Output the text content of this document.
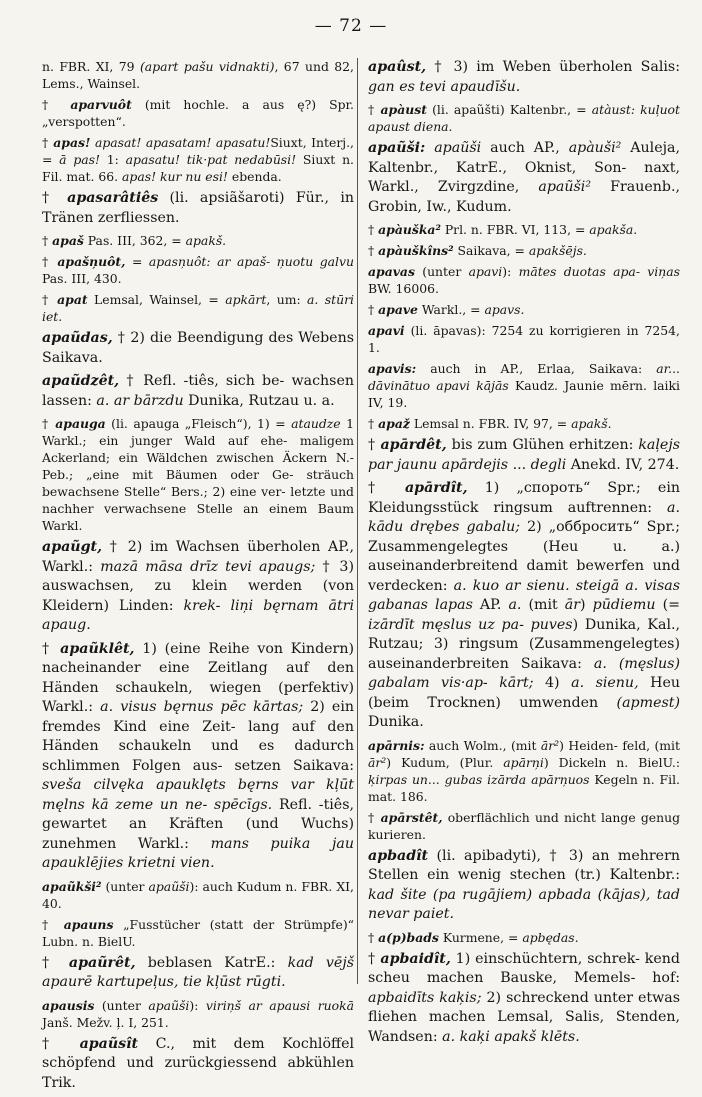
— 72 —
n. FBR. XI, 79 (apart pašu vidnakti), 67 und 82, Lems., Wainsel.
† aparvuôt (mit hochle. a aus ę?) Spr. „verspotten“.
† apas! apasat! apasatam! apasatu!Siuxt, Interj., = ā pas! 1: apasatu! tik·pat nedabūsi! Siuxt n. Fil. mat. 66. apas! kur nu esi! ebenda.
† apasarâtiês (li. apsiãšaroti) Für., in Tränen zerfliessen.
† apaš Pas. III, 362, = apakš.
† apašņuôt, = apasņuôt: ar apaš- ņuotu galvu Pas. III, 430.
† apat Lemsal, Wainsel, = apkārt, um: a. stūri iet.
apaũdas, † 2) die Beendigung des Webens Saikava.
apaũdzêt, † Refl. -tiês, sich be- wachsen lassen: a. ar bārzdu Dunika, Rutzau u. a.
† apauga (li. apauga „Fleisch“), 1) = ataudze 1 Warkl.; ein junger Wald auf ehe- maligem Ackerland; ein Wäldchen zwischen Äckern N.-Peb.; „eine mit Bäumen oder Ge- sträuch bewachsene Stelle“ Bers.; 2) eine ver- letzte und nachher verwachsene Stelle an einem Baum Warkl.
apaũgt, † 2) im Wachsen überholen AP., Warkl.: mazā māsa drīz tevi apaugs; † 3) auswachsen, zu klein werden (von Kleidern) Linden: krek- liņi bęrnam ātri apaug.
† apaũklêt, 1) (eine Reihe von Kindern) nacheinander eine Zeitlang auf den Händen schaukeln, wiegen (perfektiv) Warkl.: a. visus bęrnus pēc kārtas; 2) ein fremdes Kind eine Zeit- lang auf den Händen schaukeln und es dadurch schlimmen Folgen aus- setzen Saikava: sveša cilvęka apauklęts bęrns var kļūt męlns kā zeme un ne- spēcīgs. Refl. -tiês, gewartet an Kräften (und Wuchs) zunehmen Warkl.: mans puika jau apauklējies krietni vien.
apaũkši² (unter apaũši): auch Kudum n. FBR. XI, 40.
† apauns „Fusstücher (statt der Strümpfe)“ Lubn. n. BielU.
† apaũrêt, beblasen KatrE.: kad vējš apaurē kartupeļus, tie kļūst rūgti.
apausis (unter apaũši): viriņš ar apausi ruokā Janš. Mežv. ļ. I, 251.
† apaũsît C., mit dem Kochlöffel schöpfend und zurückgiessend abkühlen Trik.
apaûst, † 3) im Weben überholen Salis: gan es tevi apaudīšu.
† apàust (li. apaũšti) Kaltenbr., = atàust: kuļuot apaust diena.
apaũši: apaũši auch AP., apàuši² Auleja, Kaltenbr., KatrE., Oknist, Son- naxt, Warkl., Zvirgzdine, apaũši² Frauenb., Grobin, Iw., Kudum.
† apàuška² Prl. n. FBR. VI, 113, = apakša.
† apàuškîns² Saikava, = apakšējs.
apavas (unter apavi): mātes duotas apa- viņas BW. 16006.
† apave Warkl., = apavs.
apavi (li. āpavas): 7254 zu korrigieren in 7254, 1.
apavis: auch in AP., Erlaa, Saikava: ar... dāvinātuo apavi kājās Kaudz. Jaunie mērn. laiki IV, 19.
† apaž Lemsal n. FBR. IV, 97, = apakš.
† apārdêt, bis zum Glühen erhitzen: kaļejs par jaunu apārdejis ... degli Anekd. IV, 274.
† apārdît, 1) „спорoть“ Spr.; ein Kleidungsstück ringsum auftrennen: a. kādu drębes gabalu; 2) „оббросить“ Spr.; Zusammengelegtes (Heu u. a.) auseinanderbreitend damit bewerfen und verdecken: a. kuo ar sienu. steigā a. visas gabanas lapas AP. a. (mit ār) pūdiemu (= izārdīt męslus uz pa- puves) Dunika, Kal., Rutzau; 3) ringsum (Zusammengelegtes) auseinanderbreiten Saikava: a. (męslus) gabalam vis·ap- kārt; 4) a. sienu, Heu (beim Trocknen) umwenden (apmest) Dunika.
apārnis: auch Wolm., (mit ār²) Heiden- feld, (mit ār²) Kudum, (Plur. apārņi) Dickeln n. BielU.: ķirpas un... gubas izārda apārņuos Kegeln n. Fil. mat. 186.
† apārstêt, oberflächlich und nicht lange genug kurieren.
apbadît (li. apibadyti), † 3) an mehrern Stellen ein wenig stechen (tr.) Kaltenbr.: kad šite (pa rugājiem) apbada (kājas), tad nevar paiet.
† a(p)bads Kurmene, = apbędas.
† apbaidît, 1) einschüchtern, schrek- kend scheu machen Bauske, Memels- hof: apbaidīts kaķis; 2) schreckend unter etwas fliehen machen Lemsal, Salis, Stenden, Wandsen: a. kaķi apakš klēts.
